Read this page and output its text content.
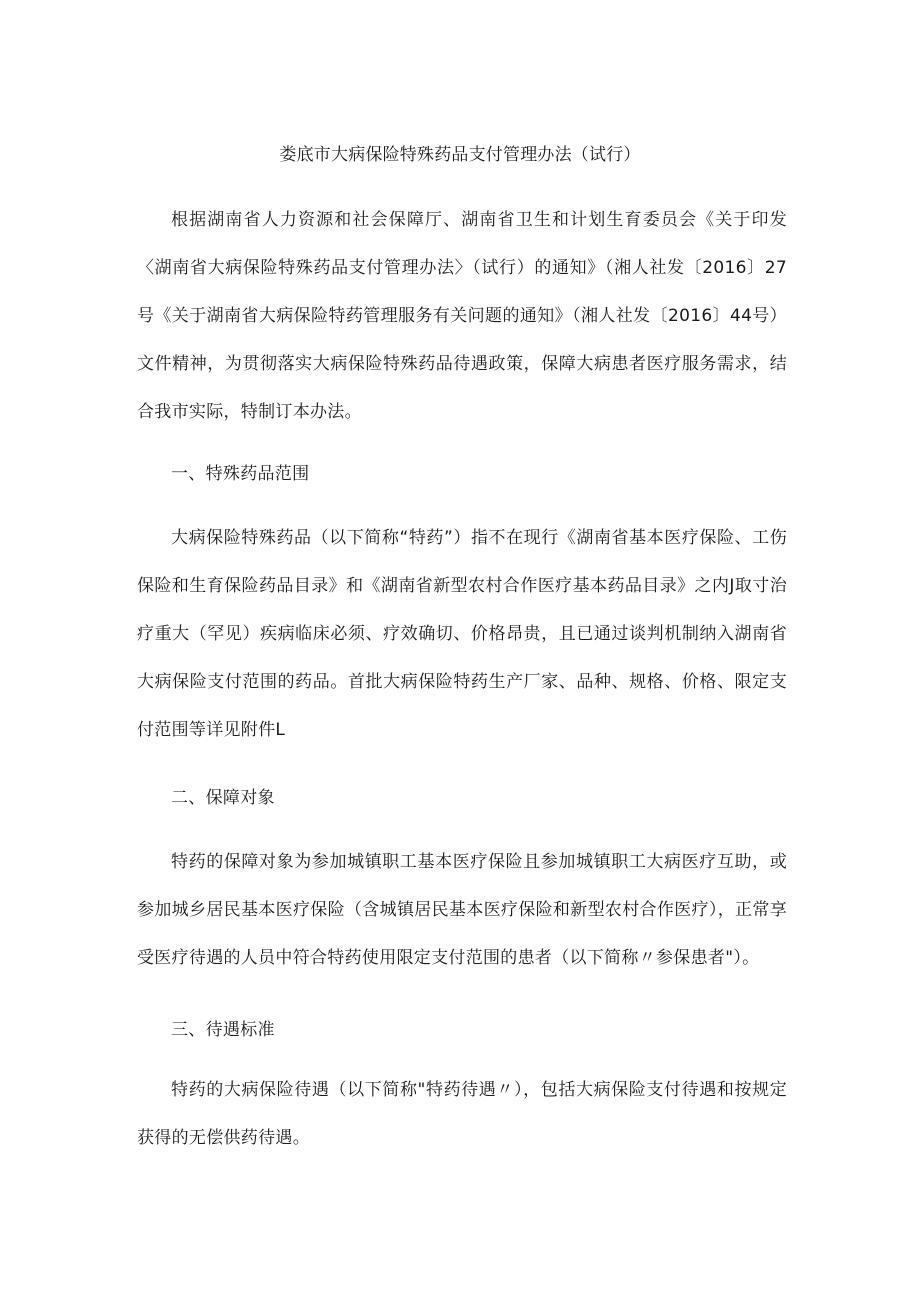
娄底市大病保险特殊药品支付管理办法（试行）

根据湖南省人力资源和社会保障厅、湖南省卫生和计划生育委员会《关于印发〈湖南省大病保险特殊药品支付管理办法〉（试行）的通知》（湘人社发〔2016〕27号《关于湖南省大病保险特药管理服务有关问题的通知》（湘人社发〔2016〕44号）文件精神，为贯彻落实大病保险特殊药品待遇政策，保障大病患者医疗服务需求，结合我市实际，特制订本办法。

一、特殊药品范围

大病保险特殊药品（以下简称“特药”）指不在现行《湖南省基本医疗保险、工伤保险和生育保险药品目录》和《湖南省新型农村合作医疗基本药品目录》之内J取寸治疗重大（罕见）疾病临床必须、疗效确切、价格昂贵，且已通过谈判机制纳入湖南省大病保险支付范围的药品。首批大病保险特药生产厂家、品种、规格、价格、限定支付范围等详见附件L

二、保障对象

特药的保障对象为参加城镇职工基本医疗保险且参加城镇职工大病医疗互助，或参加城乡居民基本医疗保险（含城镇居民基本医疗保险和新型农村合作医疗），正常享受医疗待遇的人员中符合特药使用限定支付范围的患者（以下简称〃参保患者"）。

三、待遇标准

特药的大病保险待遇（以下简称"特药待遇〃），包括大病保险支付待遇和按规定获得的无偿供药待遇。
